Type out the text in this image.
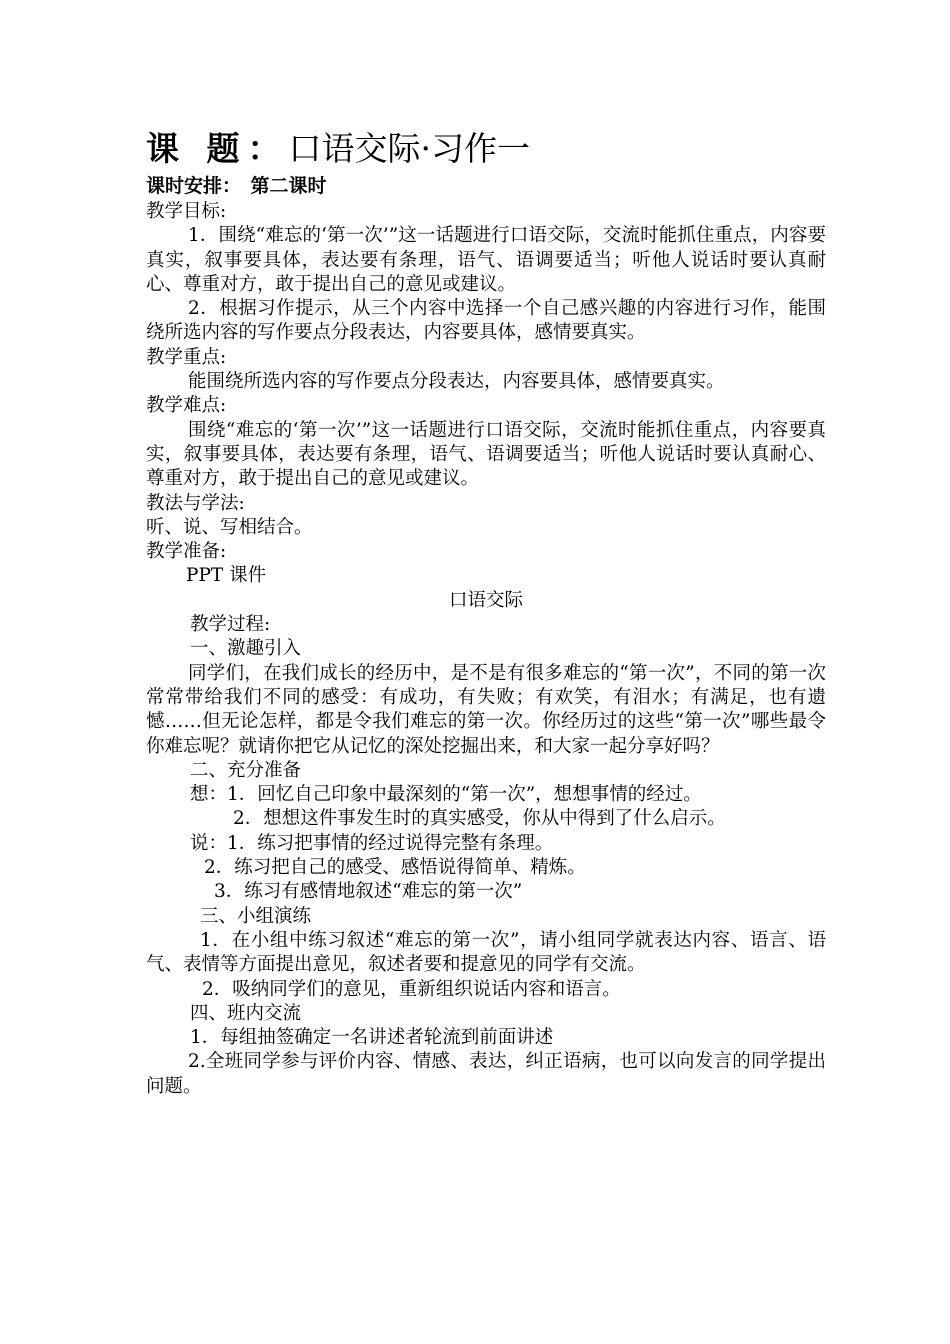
课 题：口语交际·习作一
课时安排：　第二课时

教学目标:

1．围绕“难忘的‘第一次’”这一话题进行口语交际，交流时能抓住重点，内容要真实，叙事要具体，表达要有条理，语气、语调要适当；听他人说话时要认真耐心、尊重对方，敢于提出自己的意见或建议。

2．根据习作提示，从三个内容中选择一个自己感兴趣的内容进行习作，能围绕所选内容的写作要点分段表达，内容要具体，感情要真实。

教学重点:

能围绕所选内容的写作要点分段表达，内容要具体，感情要真实。

教学难点:

围绕“难忘的‘第一次’”这一话题进行口语交际，交流时能抓住重点，内容要真实，叙事要具体，表达要有条理，语气、语调要适当；听他人说话时要认真耐心、尊重对方，敢于提出自己的意见或建议。

教法与学法:

听、说、写相结合。

教学准备:

PPT 课件

口语交际

教学过程:

一、激趣引入

同学们，在我们成长的经历中，是不是有很多难忘的“第一次”，不同的第一次常常带给我们不同的感受：有成功，有失败；有欢笑，有泪水；有满足，也有遗憾……但无论怎样，都是令我们难忘的第一次。你经历过的这些“第一次”哪些最令你难忘呢？就请你把它从记忆的深处挖掘出来，和大家一起分享好吗？

二、充分准备

想：1．回忆自己印象中最深刻的“第一次”，想想事情的经过。

2．想想这件事发生时的真实感受，你从中得到了什么启示。

说：1．练习把事情的经过说得完整有条理。

2．练习把自己的感受、感悟说得简单、精炼。

3．练习有感情地叙述“难忘的第一次”

三、小组演练

1．在小组中练习叙述“难忘的第一次”，请小组同学就表达内容、语言、语气、表情等方面提出意见，叙述者要和提意见的同学有交流。

2．吸纳同学们的意见，重新组织说话内容和语言。

四、班内交流

1．每组抽签确定一名讲述者轮流到前面讲述

2.全班同学参与评价内容、情感、表达，纠正语病，也可以向发言的同学提出问题。
